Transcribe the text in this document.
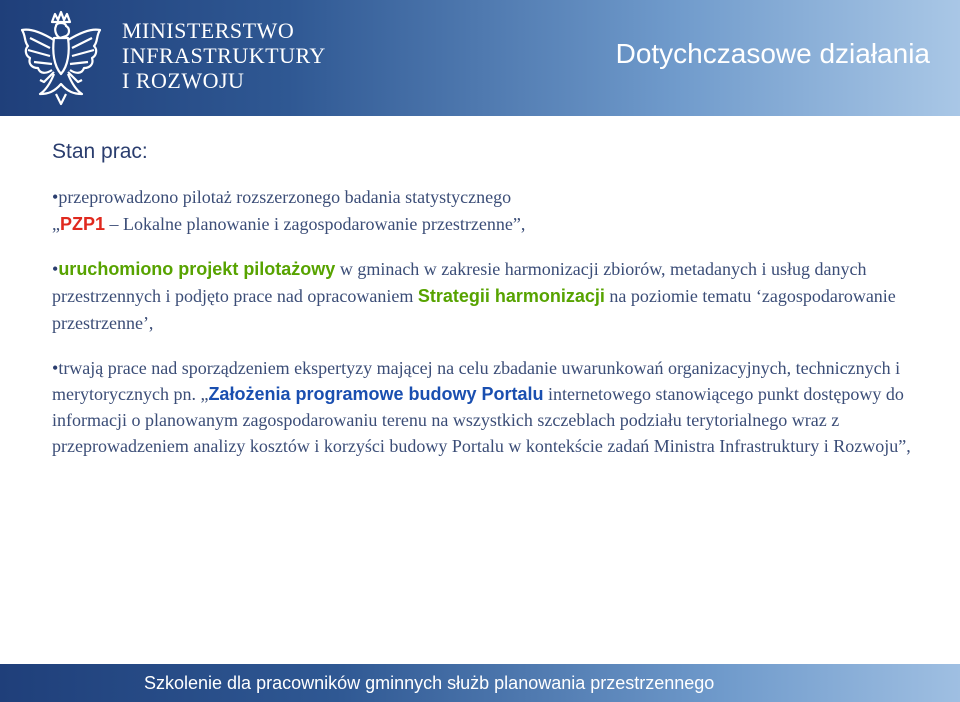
MINISTERSTWO
INFRASTRUKTURY
I ROZWOJU
Dotychczasowe działania
Stan prac:
•przeprowadzono pilotaż rozszerzonego badania statystycznego
„PZP1 – Lokalne planowanie i zagospodarowanie przestrzenne”,
•uruchomiono projekt pilotażowy w gminach w zakresie harmonizacji zbiorów, metadanych i usług danych przestrzennych i podjęto prace nad opracowaniem Strategii harmonizacji na poziomie tematu ‘zagospodarowanie przestrzenne’,
•trwają prace nad sporządzeniem ekspertyzy mającej na celu zbadanie uwarunkowań organizacyjnych, technicznych i merytorycznych pn. „Założenia programowe budowy Portalu internetowego stanowiącego punkt dostępowy do informacji o planowanym zagospodarowaniu terenu na wszystkich szczeblach podziału terytorialnego wraz z przeprowadzeniem analizy kosztów i korzyści budowy Portalu w kontekście zadań Ministra Infrastruktury i Rozwoju”,
Szkolenie dla pracowników gminnych służb planowania przestrzennego
